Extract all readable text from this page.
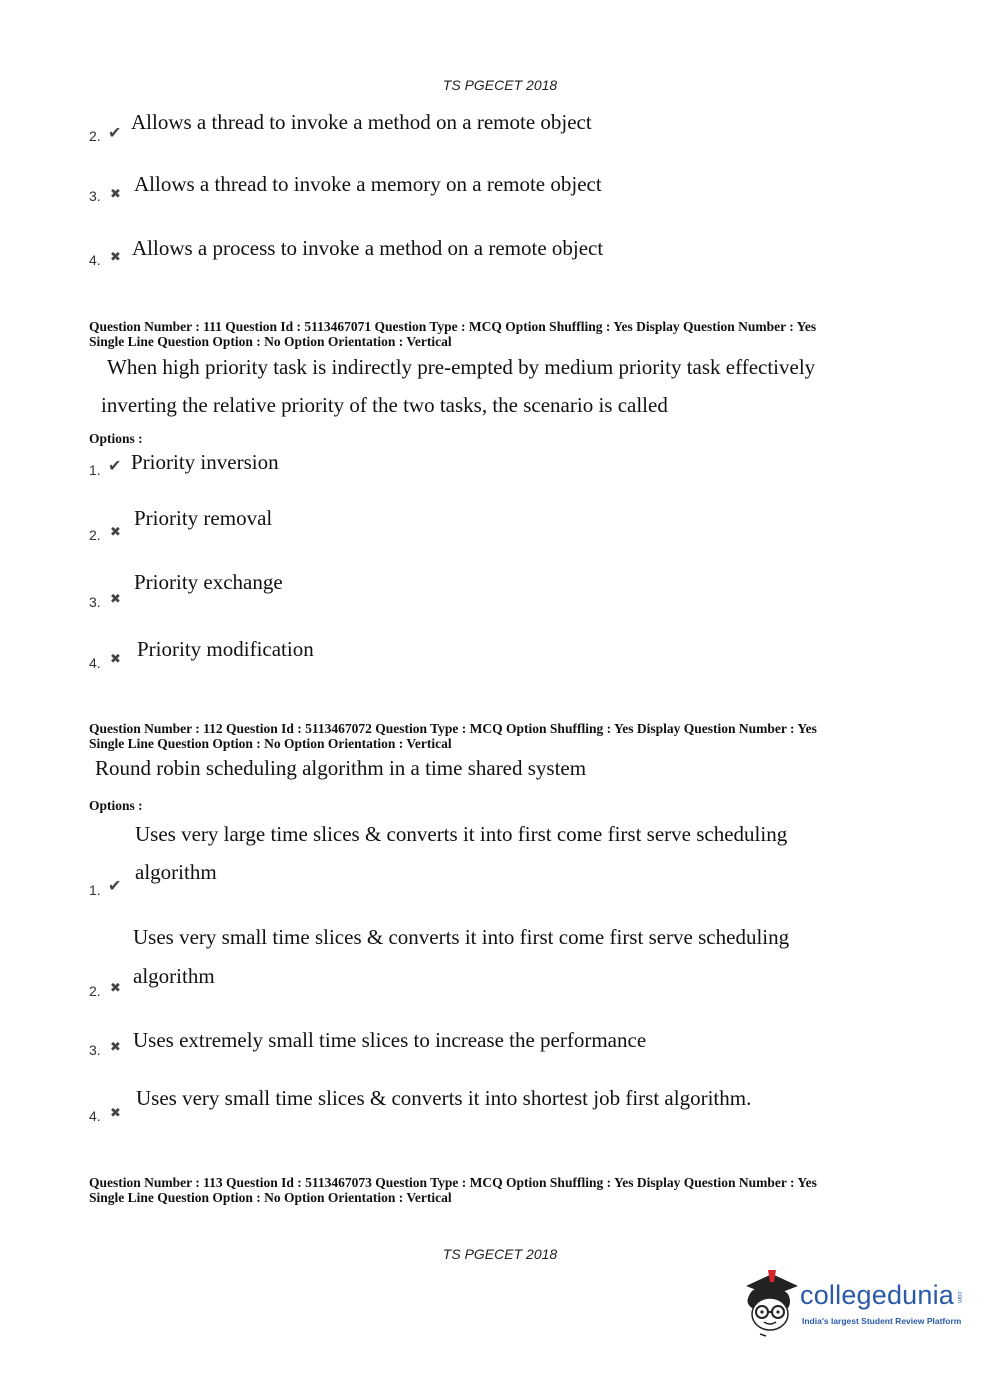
TS PGECET 2018
2. ✔ Allows a thread to invoke a method on a remote object
3. ✖ Allows a thread to invoke a memory on a remote object
4. ✖ Allows a process to invoke a method on a remote object
Question Number : 111 Question Id : 5113467071 Question Type : MCQ Option Shuffling : Yes Display Question Number : Yes
Single Line Question Option : No Option Orientation : Vertical
When high priority task is indirectly pre-empted by medium priority task effectively
inverting the relative priority of the two tasks, the scenario is called
Options :
1. ✔ Priority inversion
2. ✖
Priority removal
3. ✖
Priority exchange
4. ✖ Priority modification
Question Number : 112 Question Id : 5113467072 Question Type : MCQ Option Shuffling : Yes Display Question Number : Yes
Single Line Question Option : No Option Orientation : Vertical
Round robin scheduling algorithm in a time shared system
Options :
Uses very large time slices & converts it into first come first serve scheduling
algorithm
1. ✔
Uses very small time slices & converts it into first come first serve scheduling
algorithm
2. ✖
3. ✖ Uses extremely small time slices to increase the performance
4. ✖
Uses very small time slices & converts it into shortest job first algorithm.
Question Number : 113 Question Id : 5113467073 Question Type : MCQ Option Shuffling : Yes Display Question Number : Yes
Single Line Question Option : No Option Orientation : Vertical
TS PGECET 2018
collegedunia .com
India's largest Student Review Platform
